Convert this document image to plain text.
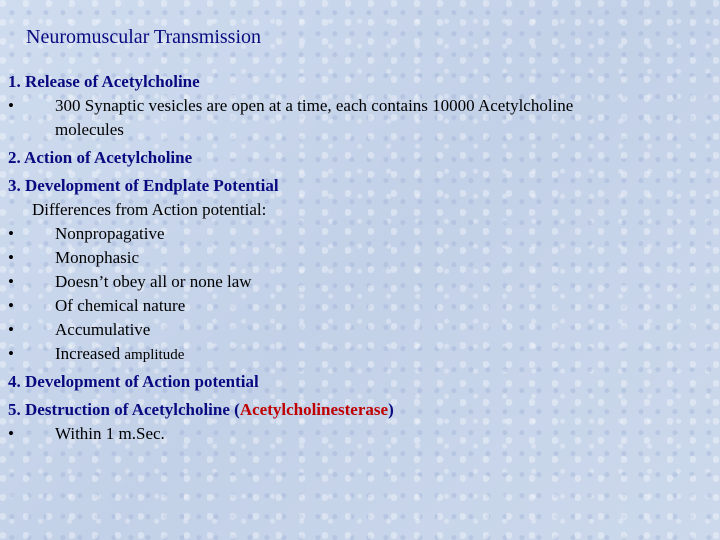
Neuromuscular Transmission
1. Release of Acetylcholine
• 300 Synaptic vesicles are open at a time, each contains 10000 Acetylcholine
molecules
2. Action of Acetylcholine
3. Development of Endplate Potential
Differences from Action potential:
• Nonpropagative
• Monophasic
• Doesn’t obey all or none law
• Of chemical nature
• Accumulative
• Increased amplitude
4. Development of Action potential
5. Destruction of Acetylcholine (Acetylcholinesterase)
• Within 1 m.Sec.
